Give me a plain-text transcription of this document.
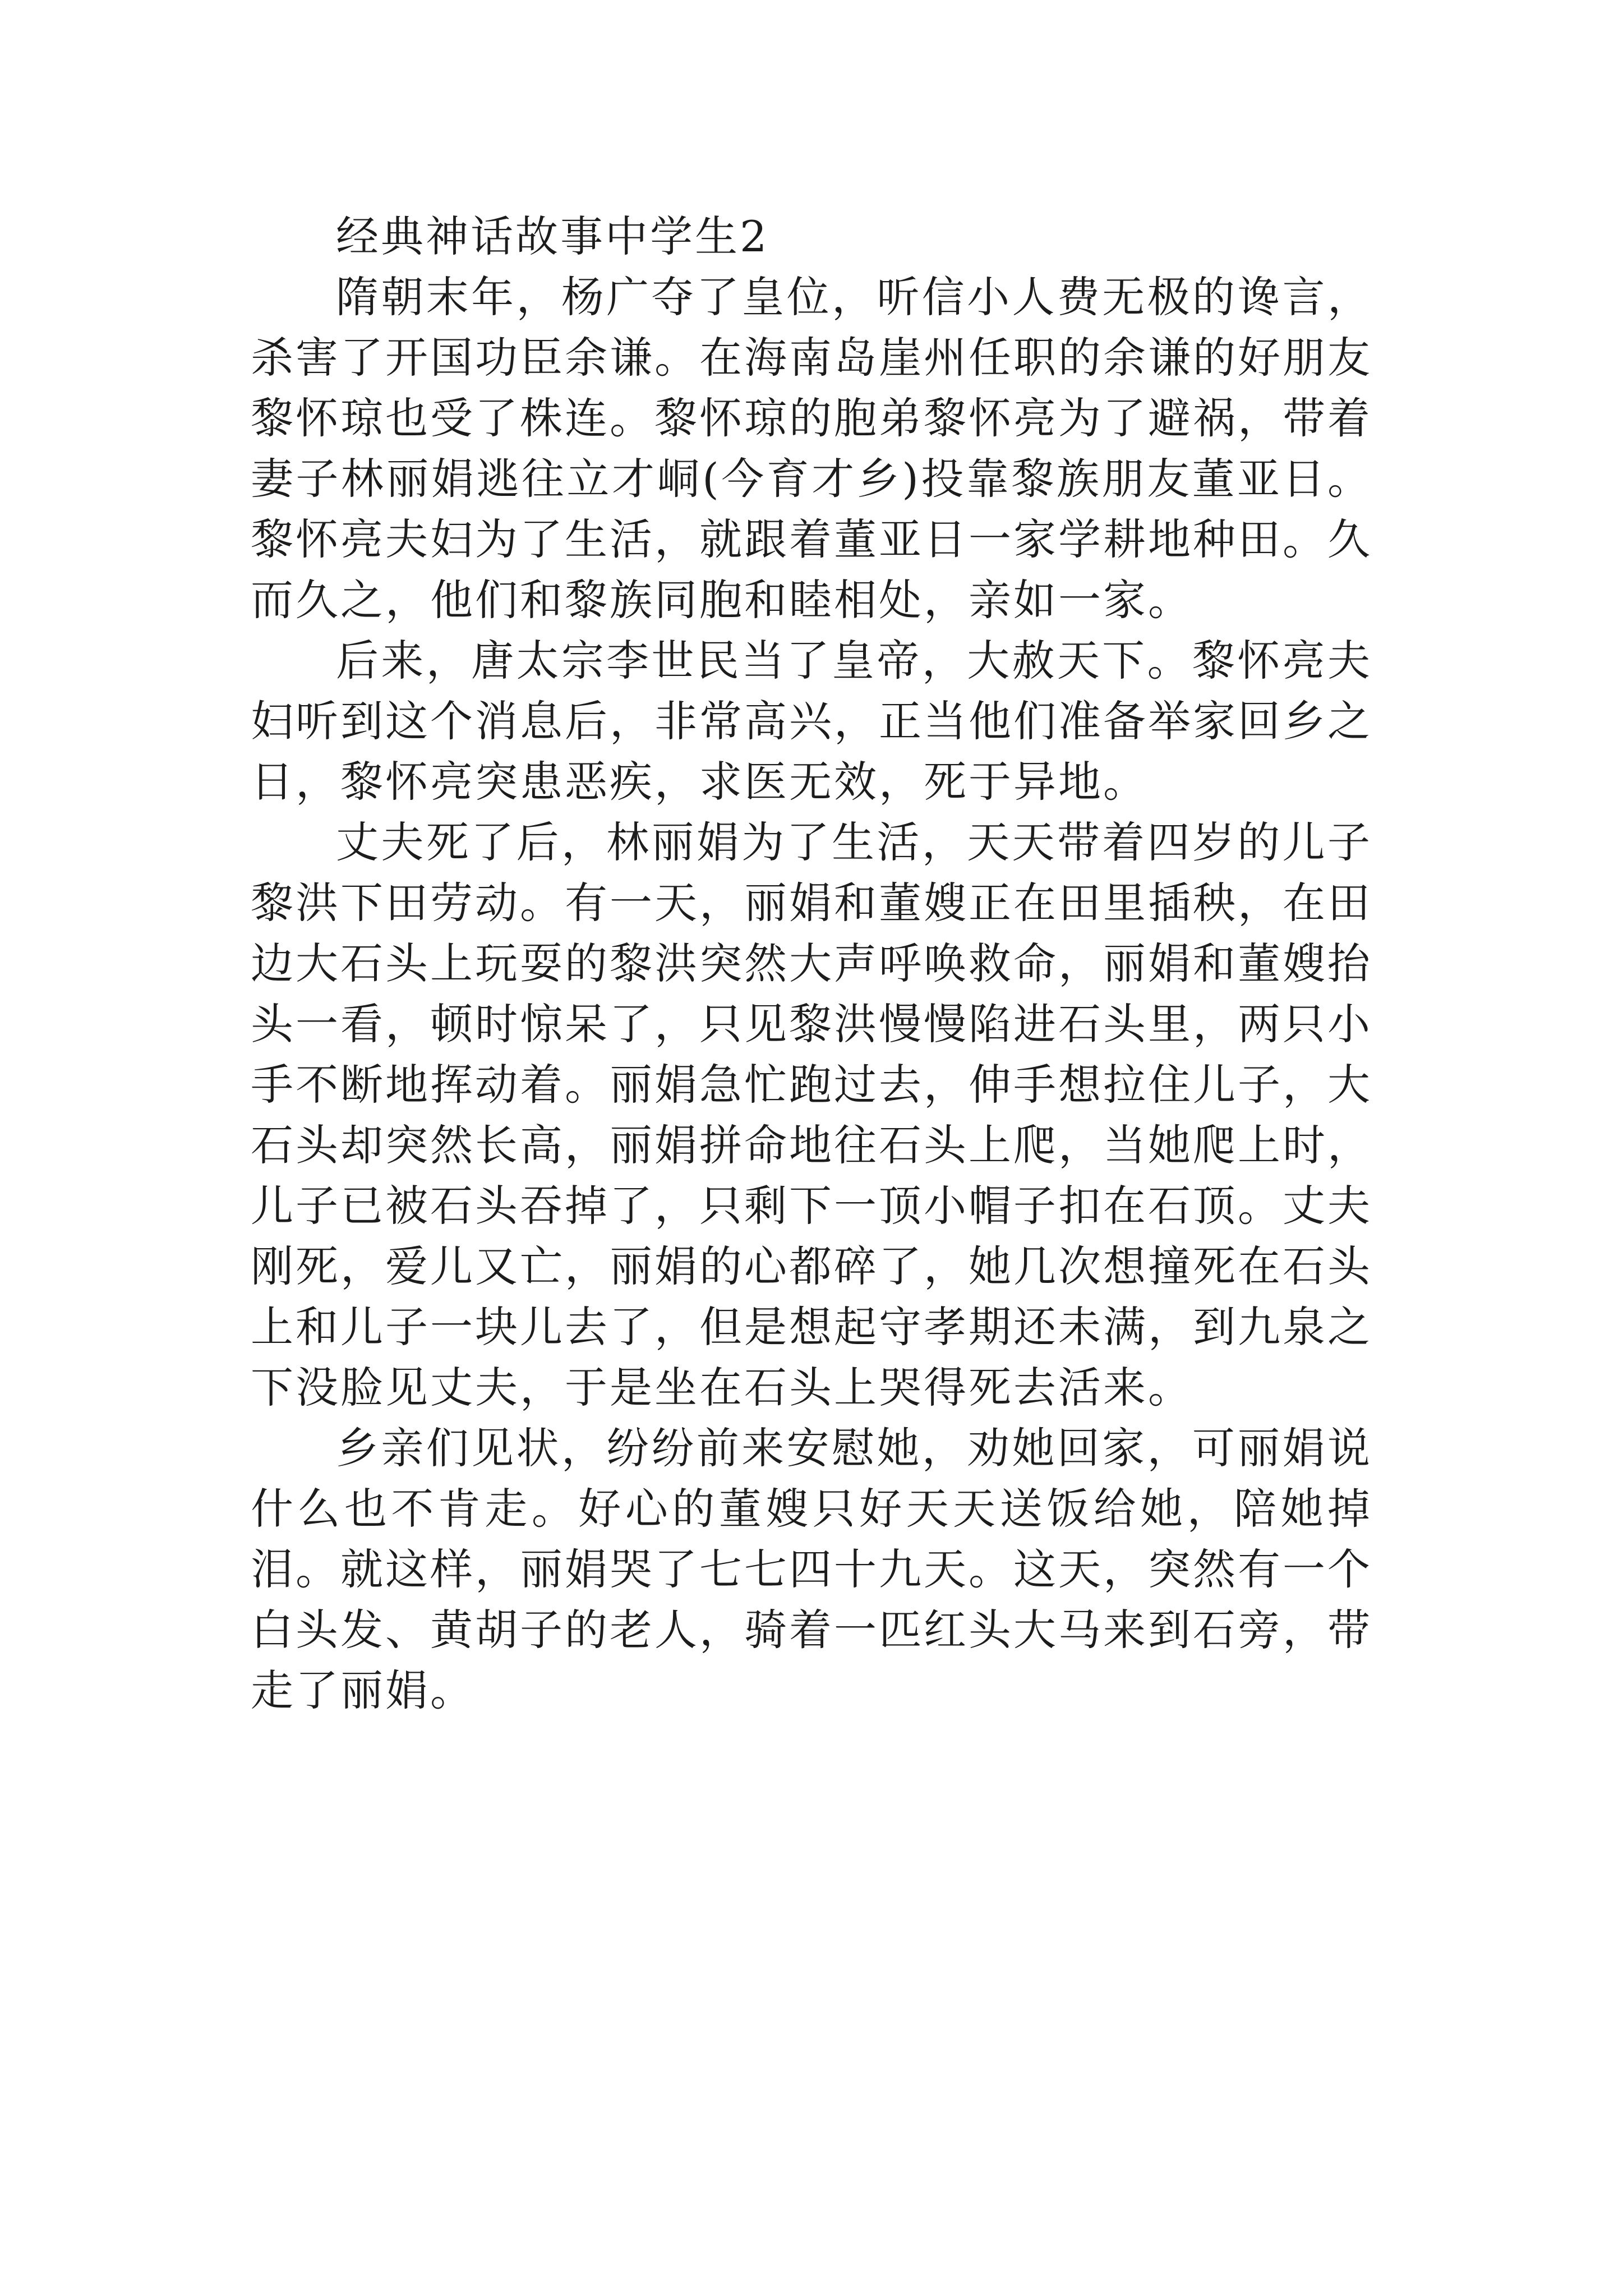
经典神话故事中学生2

隋朝末年，杨广夺了皇位，听信小人费无极的谗言，杀害了开国功臣余谦。在海南岛崖州任职的余谦的好朋友黎怀琼也受了株连。黎怀琼的胞弟黎怀亮为了避祸，带着妻子林丽娟逃往立才峒(今育才乡)投靠黎族朋友董亚日。黎怀亮夫妇为了生活，就跟着董亚日一家学耕地种田。久而久之，他们和黎族同胞和睦相处，亲如一家。

后来，唐太宗李世民当了皇帝，大赦天下。黎怀亮夫妇听到这个消息后，非常高兴，正当他们准备举家回乡之日，黎怀亮突患恶疾，求医无效，死于异地。

丈夫死了后，林丽娟为了生活，天天带着四岁的儿子黎洪下田劳动。有一天，丽娟和董嫂正在田里插秧，在田边大石头上玩耍的黎洪突然大声呼唤救命，丽娟和董嫂抬头一看，顿时惊呆了，只见黎洪慢慢陷进石头里，两只小手不断地挥动着。丽娟急忙跑过去，伸手想拉住儿子，大石头却突然长高，丽娟拼命地往石头上爬，当她爬上时，儿子已被石头吞掉了，只剩下一顶小帽子扣在石顶。丈夫刚死，爱儿又亡，丽娟的心都碎了，她几次想撞死在石头上和儿子一块儿去了，但是想起守孝期还未满，到九泉之下没脸见丈夫，于是坐在石头上哭得死去活来。

乡亲们见状，纷纷前来安慰她，劝她回家，可丽娟说什么也不肯走。好心的董嫂只好天天送饭给她，陪她掉泪。就这样，丽娟哭了七七四十九天。这天，突然有一个白头发、黄胡子的老人，骑着一匹红头大马来到石旁，带走了丽娟。
